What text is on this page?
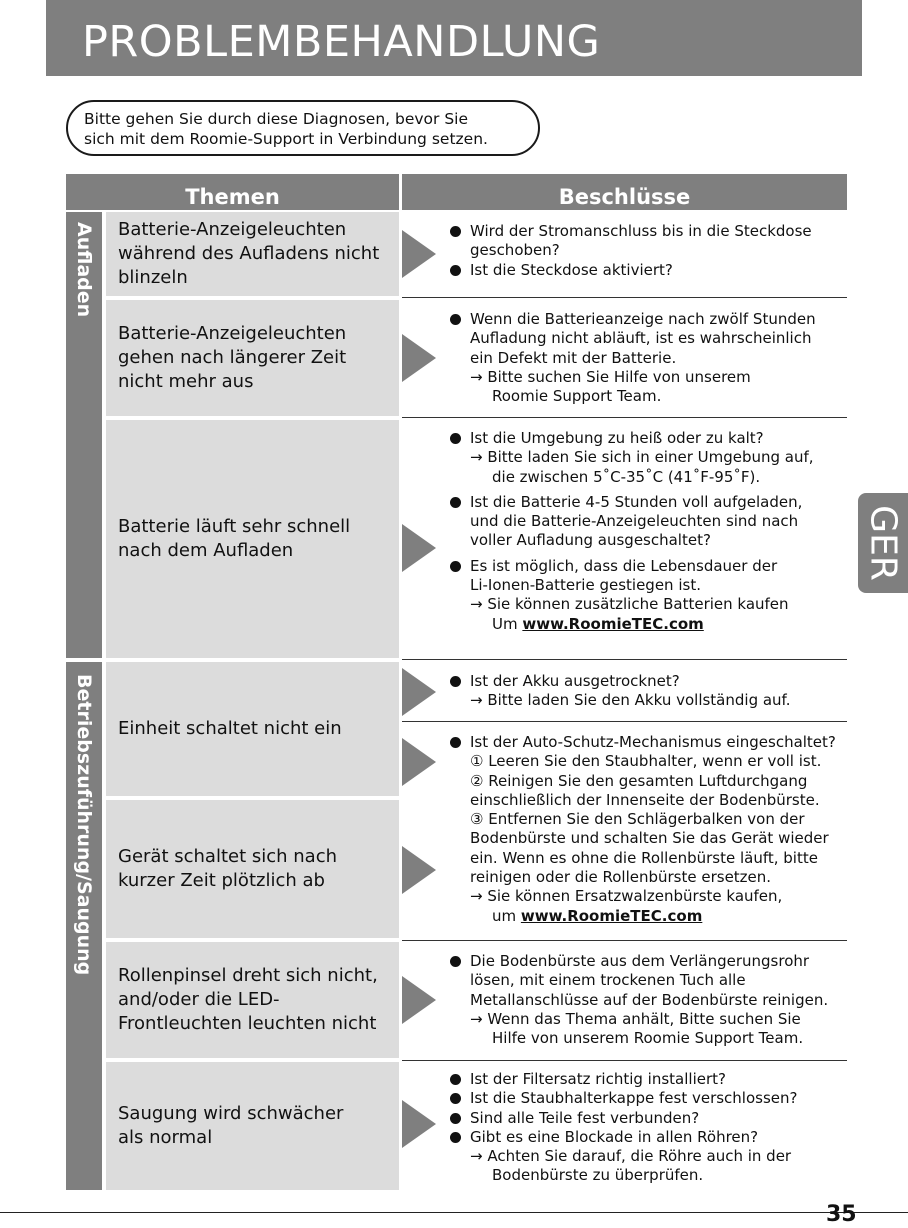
PROBLEMBEHANDLUNG
Bitte gehen Sie durch diese Diagnosen, bevor Sie
sich mit dem Roomie-Support in Verbindung setzen.
Themen	Beschlüsse
Aufladen
Betriebszuführung/Saugung
Batterie-Anzeigeleuchten
während des Aufladens nicht
blinzeln
Batterie-Anzeigeleuchten
gehen nach längerer Zeit
nicht mehr aus
Batterie läuft sehr schnell
nach dem Aufladen
Einheit schaltet nicht ein
Gerät schaltet sich nach
kurzer Zeit plötzlich ab
Rollenpinsel dreht sich nicht,
and/oder die LED-
Frontleuchten leuchten nicht
Saugung wird schwächer
als normal
Wird der Stromanschluss bis in die Steckdose
geschoben?
Ist die Steckdose aktiviert?
Wenn die Batterieanzeige nach zwölf Stunden
Aufladung nicht abläuft, ist es wahrscheinlich
ein Defekt mit der Batterie.
→ Bitte suchen Sie Hilfe von unserem
Roomie Support Team.
Ist die Umgebung zu heiß oder zu kalt?
→ Bitte laden Sie sich in einer Umgebung auf,
die zwischen 5˚C-35˚C (41˚F-95˚F).
Ist die Batterie 4-5 Stunden voll aufgeladen,
und die Batterie-Anzeigeleuchten sind nach
voller Aufladung ausgeschaltet?
Es ist möglich, dass die Lebensdauer der
Li-Ionen-Batterie gestiegen ist.
→ Sie können zusätzliche Batterien kaufen
Um www.RoomieTEC.com
Ist der Akku ausgetrocknet?
→ Bitte laden Sie den Akku vollständig auf.
Ist der Auto-Schutz-Mechanismus eingeschaltet?
① Leeren Sie den Staubhalter, wenn er voll ist.
② Reinigen Sie den gesamten Luftdurchgang
einschließlich der Innenseite der Bodenbürste.
③ Entfernen Sie den Schlägerbalken von der
Bodenbürste und schalten Sie das Gerät wieder
ein. Wenn es ohne die Rollenbürste läuft, bitte
reinigen oder die Rollenbürste ersetzen.
→ Sie können Ersatzwalzenbürste kaufen,
um www.RoomieTEC.com
Die Bodenbürste aus dem Verlängerungsrohr
lösen, mit einem trockenen Tuch alle
Metallanschlüsse auf der Bodenbürste reinigen.
→ Wenn das Thema anhält, Bitte suchen Sie
Hilfe von unserem Roomie Support Team.
Ist der Filtersatz richtig installiert?
Ist die Staubhalterkappe fest verschlossen?
Sind alle Teile fest verbunden?
Gibt es eine Blockade in allen Röhren?
→ Achten Sie darauf, die Röhre auch in der
Bodenbürste zu überprüfen.
GER
35
